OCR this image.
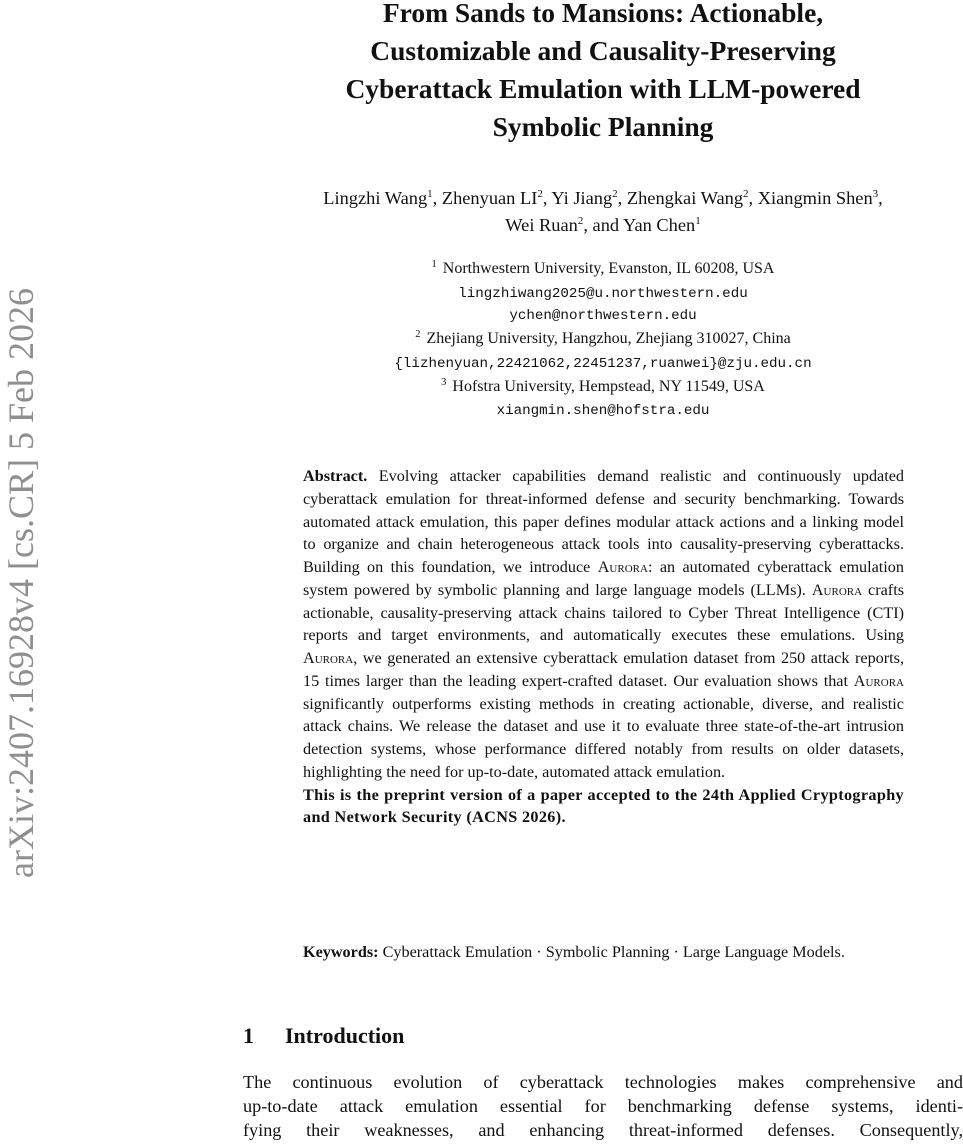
arXiv:2407.16928v4 [cs.CR] 5 Feb 2026
From Sands to Mansions: Actionable,
Customizable and Causality-Preserving
Cyberattack Emulation with LLM-powered
Symbolic Planning
Lingzhi Wang$^1$, Zhenyuan $LI^2$, Yi Jiang$^2$, Zhengkai Wang$^2$, Xiangmin Shen$^3$,
Wei Ruan$^2$, and Yan Chen$^1$
$^1$ Northwestern University, Evanston, IL 60208, USA
lingzhiwang2025@u.northwestern.edu
ychen@northwestern.edu
$^2$ Zhejiang University, Hangzhou, Zhejiang 310027, China
{lizhenyuan,22421062,22451237,ruanwei}@zju.edu.cn
$^3$ Hofstra University, Hempstead, NY 11549, USA
xiangmin.shen@hofstra.edu

Abstract. Evolving attacker capabilities demand realistic and continuously updated cyberattack emulation for threat-informed defense and security benchmarking. Towards automated attack emulation, this paper defines modular attack actions and a linking model to organize and chain heterogeneous attack tools into causality-preserving cyberattacks. Building on this foundation, we introduce Aurora: an automated cyberattack emulation system powered by symbolic planning and large language models (LLMs). Aurora crafts actionable, causality-preserving attack chains tailored to Cyber Threat Intelligence (CTI) reports and target environments, and automatically executes these emulations. Using Aurora, we generated an extensive cyberattack emulation dataset from 250 attack reports, 15 times larger than the leading expert-crafted dataset. Our evaluation shows that Aurora significantly outperforms existing methods in creating actionable, diverse, and realistic attack chains. We release the dataset and use it to evaluate three state-of-the-art intrusion detection systems, whose performance differed notably from results on older datasets, highlighting the need for up-to-date, automated attack emulation.

This is the preprint version of a paper accepted to the 24th Applied Cryptography and Network Security (ACNS 2026).

Keywords: Cyberattack Emulation · Symbolic Planning · Large Language Models.
1 Introduction
The continuous evolution of cyberattack technologies makes comprehensive and
up-to-date attack emulation essential for benchmarking defense systems, identi-
fying their weaknesses, and enhancing threat-informed defenses. Consequently,
